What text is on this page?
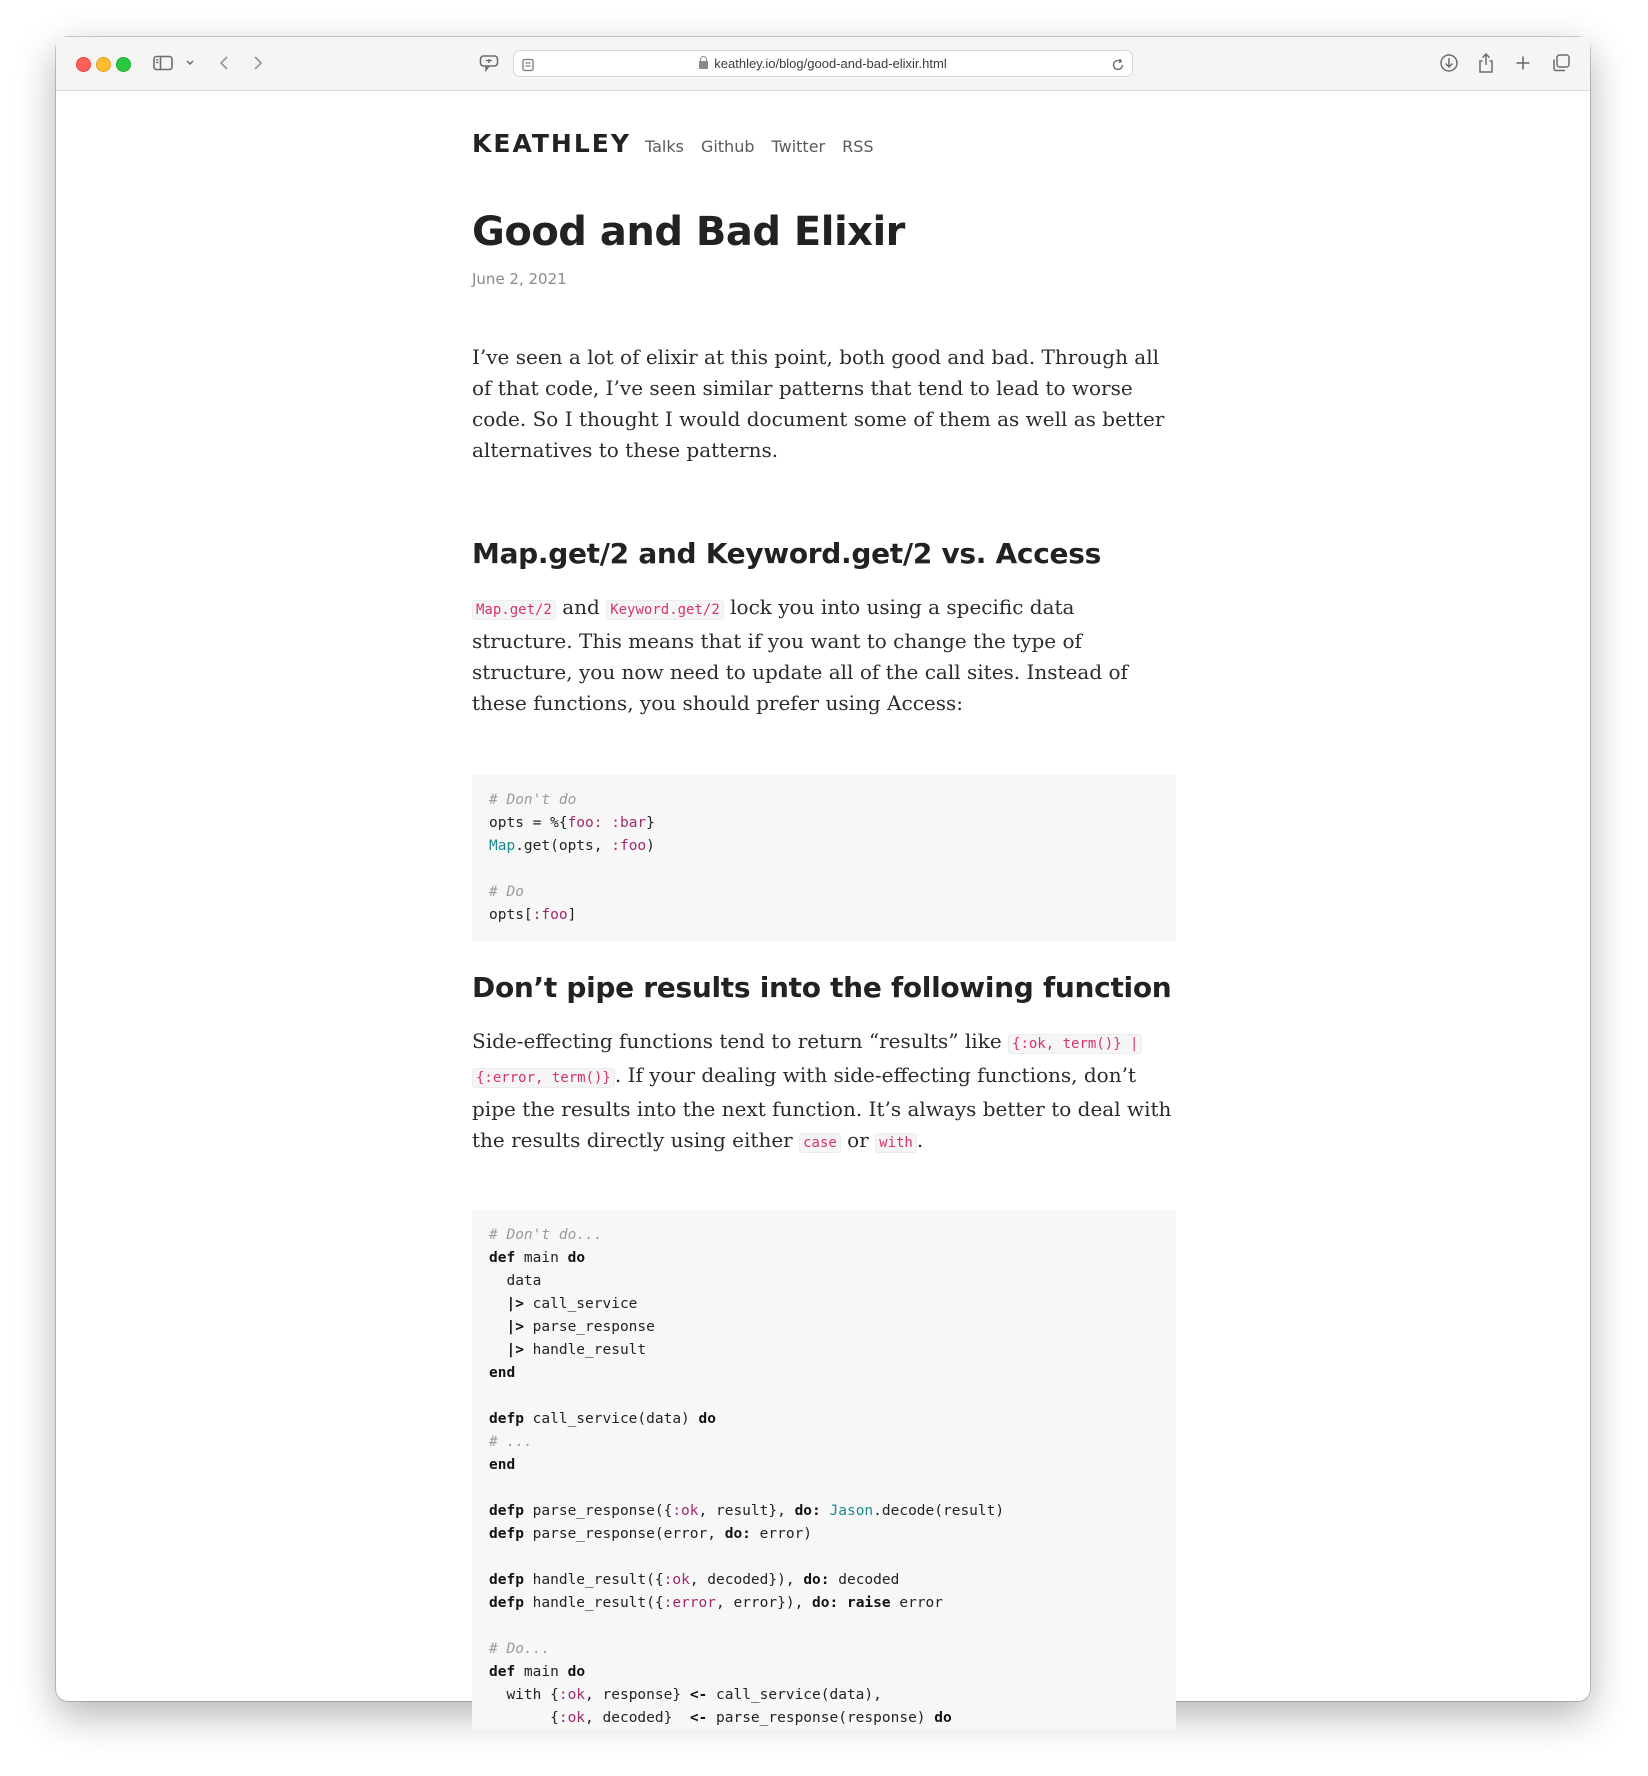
keathley.io/blog/good-and-bad-elixir.html
KEATHLEY Talks Github Twitter RSS
Good and Bad Elixir
June 2, 2021

I’ve seen a lot of elixir at this point, both good and bad. Through all of that code, I’ve seen similar patterns that tend to lead to worse code. So I thought I would document some of them as well as better alternatives to these patterns.

Map.get/2 and Keyword.get/2 vs. Access

Map.get/2 and Keyword.get/2 lock you into using a specific data structure. This means that if you want to change the type of structure, you now need to update all of the call sites. Instead of these functions, you should prefer using Access:

# Don't do
opts = %{foo: :bar}
Map.get(opts, :foo)

# Do
opts[:foo]
Don’t pipe results into the following function

Side-effecting functions tend to return “results” like {:ok, term()} | {:error, term()} . If your dealing with side-effecting functions, don’t pipe the results into the next function. It’s always better to deal with the results directly using either case or with .

# Don't do...
def main do
data
|> call_service
|> parse_response
|> handle_result
end

defp call_service(data) do
# ...
end

defp parse_response({:ok, result}, do: Jason.decode(result)
defp parse_response(error, do: error)

defp handle_result({:ok, decoded}), do: decoded
defp handle_result({:error, error}), do: raise error

# Do...
def main do
with {:ok, response} <- call_service(data),
{:ok, decoded}  <- parse_response(response) do
